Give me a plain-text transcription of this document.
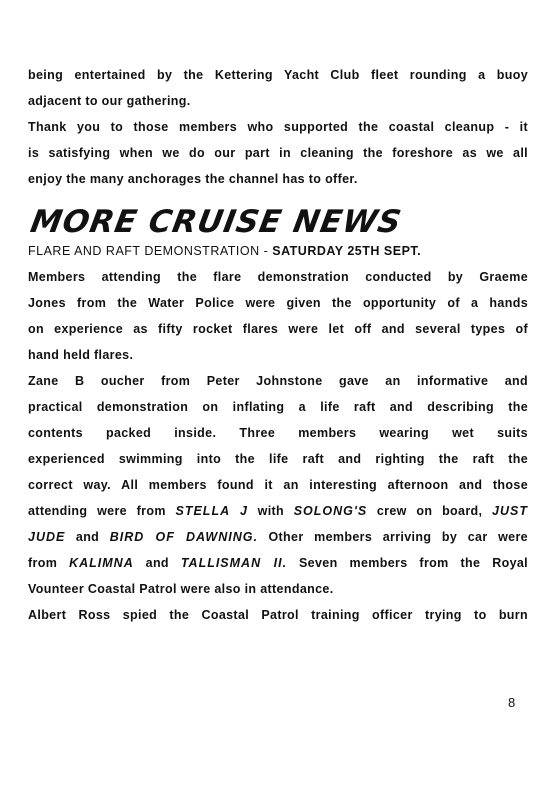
being entertained by the Kettering Yacht Club fleet rounding a buoy
adjacent to our gathering.
Thank you to those members who supported the coastal cleanup - it
is satisfying when we do our part in cleaning the foreshore as we all
enjoy the many anchorages the channel has to offer.
MORE CRUISE NEWS
FLARE AND RAFT DEMONSTRATION - SATURDAY 25TH SEPT.
Members attending the flare demonstration conducted by Graeme
Jones from the Water Police were given the opportunity of a hands
on experience as fifty rocket flares were let off and several types of
hand held flares.
Zane B oucher from Peter Johnstone gave an informative and
practical demonstration on inflating a life raft and describing the
contents packed inside. Three members wearing wet suits
experienced swimming into the life raft and righting the raft the
correct way. All members found it an interesting afternoon and those
attending were from STELLA J with SOLONG'S crew on board, JUST
JUDE and BIRD OF DAWNING. Other members arriving by car were
from KALIMNA and TALLISMAN II. Seven members from the Royal
Vounteer Coastal Patrol were also in attendance.
Albert Ross spied the Coastal Patrol training officer trying to burn
8
